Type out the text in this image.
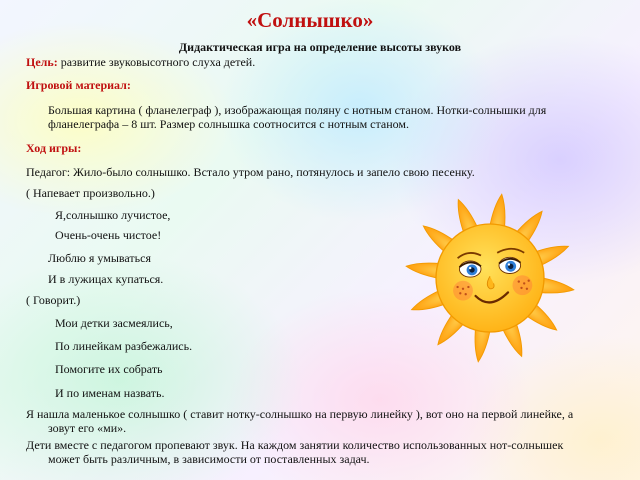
«Солнышко»
Дидактическая игра на определение высоты звуков

Цель: развитие звуковысотного слуха детей.

Игровой материал:

Большая картина ( фланелеграф ), изображающая поляну с нотным станом. Нотки-солнышки для фланелеграфа – 8 шт. Размер солнышка соотносится с нотным станом.

Ход игры:

Педагог: Жило-было солнышко. Встало утром рано, потянулось и запело свою песенку.

( Напевает произвольно.)

Я,солнышко лучистое,

Очень-очень чистое!

Люблю я умываться

И в лужицах купаться.

( Говорит.)

Мои детки засмеялись,

По линейкам разбежались.

Помогите их собрать

И по именам назвать.

Я нашла маленькое солнышко ( ставит нотку-солнышко на первую линейку ), вот оно на первой линейке, а зовут его «ми».

Дети вместе с педагогом пропевают звук. На каждом занятии количество использованных нот-солнышек может быть различным, в зависимости от поставленных задач.
